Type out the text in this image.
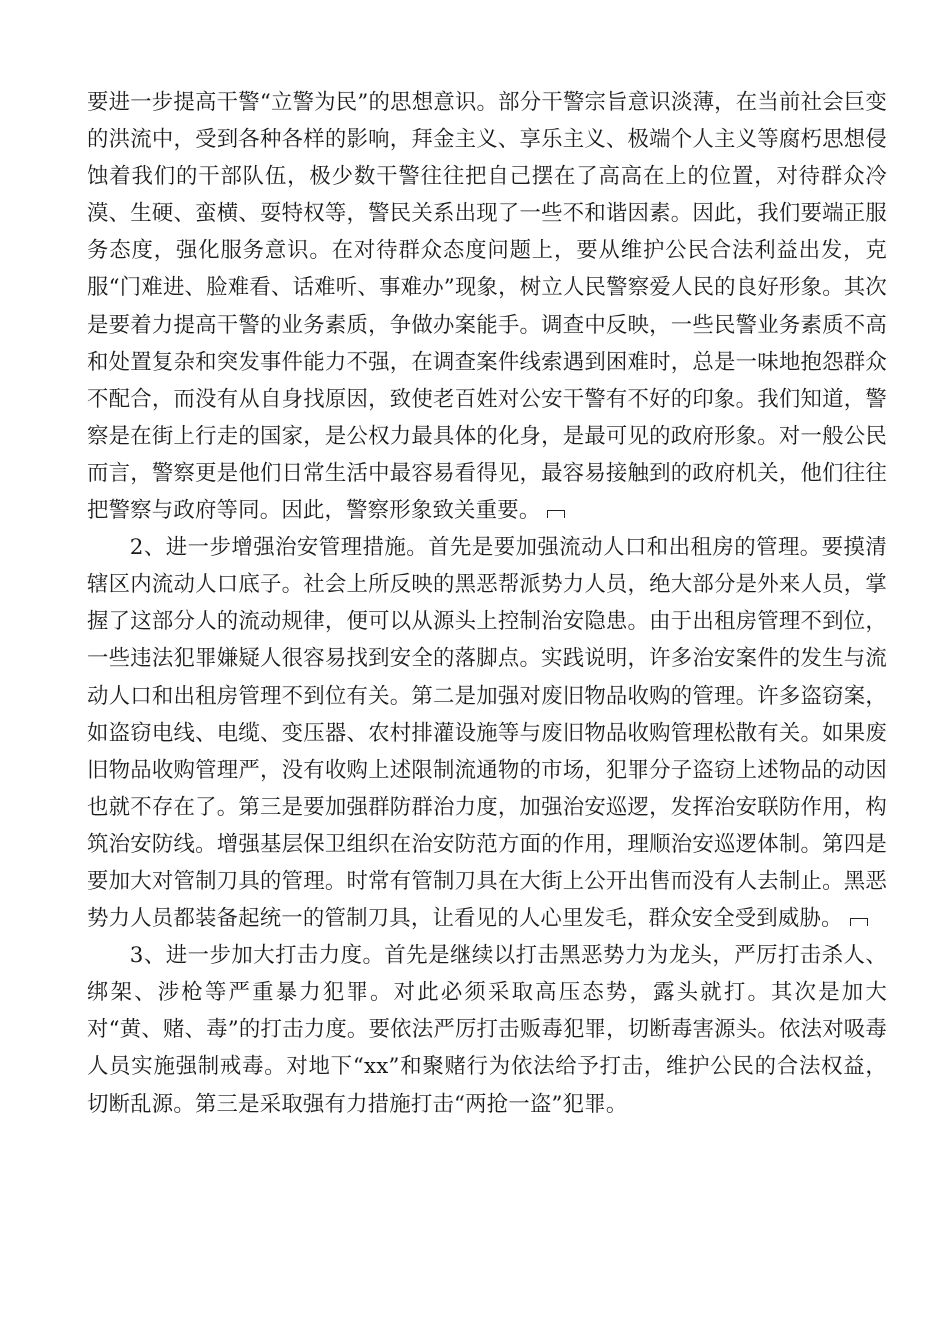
要进一步提高干警“立警为民”的思想意识。部分干警宗旨意识淡薄，在当前社会巨变的洪流中，受到各种各样的影响，拜金主义、享乐主义、极端个人主义等腐朽思想侵蚀着我们的干部队伍，极少数干警往往把自己摆在了高高在上的位置，对待群众冷漠、生硬、蛮横、耍特权等，警民关系出现了一些不和谐因素。因此，我们要端正服务态度，强化服务意识。在对待群众态度问题上，要从维护公民合法利益出发，克服“门难进、脸难看、话难听、事难办”现象，树立人民警察爱人民的良好形象。其次是要着力提高干警的业务素质，争做办案能手。调查中反映，一些民警业务素质不高和处置复杂和突发事件能力不强，在调查案件线索遇到困难时，总是一味地抱怨群众不配合，而没有从自身找原因，致使老百姓对公安干警有不好的印象。我们知道，警察是在街上行走的国家，是公权力最具体的化身，是最可见的政府形象。对一般公民而言，警察更是他们日常生活中最容易看得见，最容易接触到的政府机关，他们往往把警察与政府等同。因此，警察形象致关重要。

2、进一步增强治安管理措施。首先是要加强流动人口和出租房的管理。要摸清辖区内流动人口底子。社会上所反映的黑恶帮派势力人员，绝大部分是外来人员，掌握了这部分人的流动规律，便可以从源头上控制治安隐患。由于出租房管理不到位，一些违法犯罪嫌疑人很容易找到安全的落脚点。实践说明，许多治安案件的发生与流动人口和出租房管理不到位有关。第二是加强对废旧物品收购的管理。许多盗窃案，如盗窃电线、电缆、变压器、农村排灌设施等与废旧物品收购管理松散有关。如果废旧物品收购管理严，没有收购上述限制流通物的市场，犯罪分子盗窃上述物品的动因也就不存在了。第三是要加强群防群治力度，加强治安巡逻，发挥治安联防作用，构筑治安防线。增强基层保卫组织在治安防范方面的作用，理顺治安巡逻体制。第四是要加大对管制刀具的管理。时常有管制刀具在大街上公开出售而没有人去制止。黑恶势力人员都装备起统一的管制刀具，让看见的人心里发毛，群众安全受到威胁。

3、进一步加大打击力度。首先是继续以打击黑恶势力为龙头，严厉打击杀人、绑架、涉枪等严重暴力犯罪。对此必须采取高压态势，露头就打。其次是加大对“黄、赌、毒”的打击力度。要依法严厉打击贩毒犯罪，切断毒害源头。依法对吸毒人员实施强制戒毒。对地下“xx”和聚赌行为依法给予打击，维护公民的合法权益，切断乱源。第三是采取强有力措施打击“两抢一盗”犯罪。
